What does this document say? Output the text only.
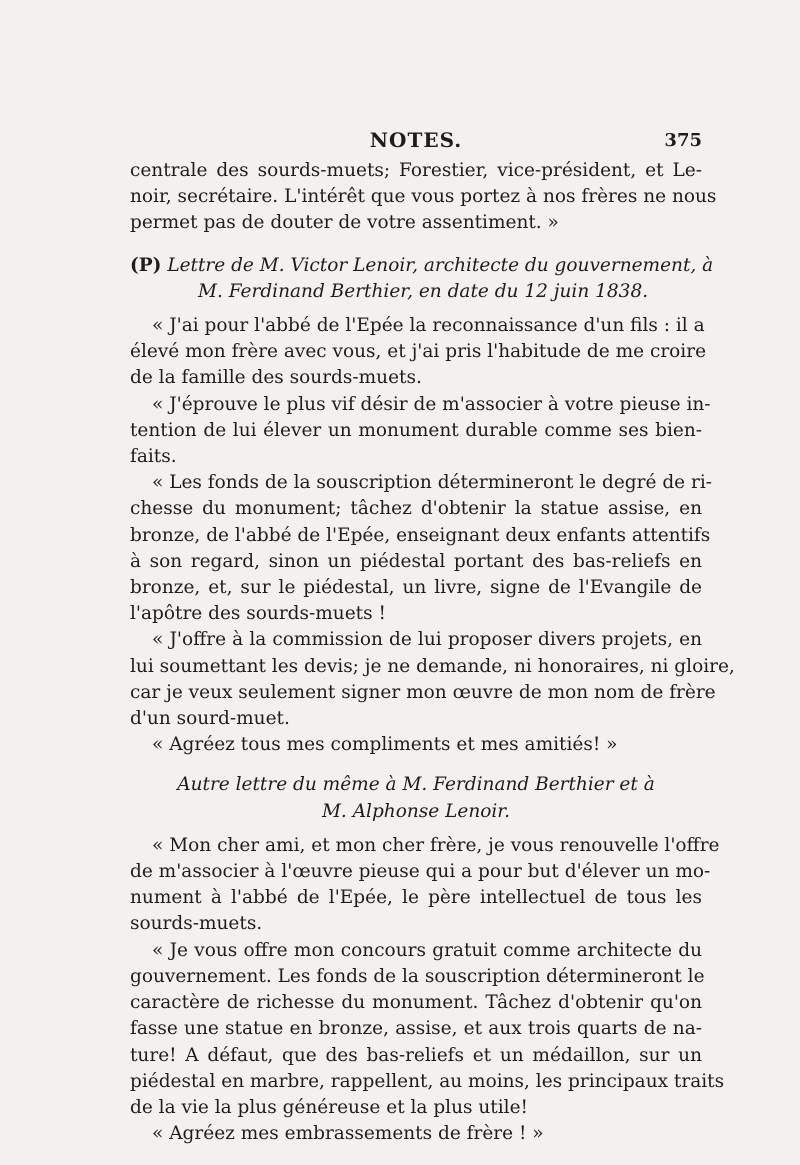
NOTES.	375
centrale des sourds-muets; Forestier, vice-président, et Le-
noir, secrétaire. L'intérêt que vous portez à nos frères ne nous
permet pas de douter de votre assentiment. »
(P) Lettre de M. Victor Lenoir, architecte du gouvernement, à
M. Ferdinand Berthier, en date du 12 juin 1838.
« J'ai pour l'abbé de l'Epée la reconnaissance d'un fils : il a
élevé mon frère avec vous, et j'ai pris l'habitude de me croire
de la famille des sourds-muets.
« J'éprouve le plus vif désir de m'associer à votre pieuse in-
tention de lui élever un monument durable comme ses bien-
faits.
« Les fonds de la souscription détermineront le degré de ri-
chesse du monument; tâchez d'obtenir la statue assise, en
bronze, de l'abbé de l'Epée, enseignant deux enfants attentifs
à son regard, sinon un piédestal portant des bas-reliefs en
bronze, et, sur le piédestal, un livre, signe de l'Evangile de
l'apôtre des sourds-muets !
« J'offre à la commission de lui proposer divers projets, en
lui soumettant les devis; je ne demande, ni honoraires, ni gloire,
car je veux seulement signer mon œuvre de mon nom de frère
d'un sourd-muet.
« Agréez tous mes compliments et mes amitiés! »
Autre lettre du même à M. Ferdinand Berthier et à
M. Alphonse Lenoir.
« Mon cher ami, et mon cher frère, je vous renouvelle l'offre
de m'associer à l'œuvre pieuse qui a pour but d'élever un mo-
nument à l'abbé de l'Epée, le père intellectuel de tous les
sourds-muets.
« Je vous offre mon concours gratuit comme architecte du
gouvernement. Les fonds de la souscription détermineront le
caractère de richesse du monument. Tâchez d'obtenir qu'on
fasse une statue en bronze, assise, et aux trois quarts de na-
ture! A défaut, que des bas-reliefs et un médaillon, sur un
piédestal en marbre, rappellent, au moins, les principaux traits
de la vie la plus généreuse et la plus utile!
« Agréez mes embrassements de frère ! »
